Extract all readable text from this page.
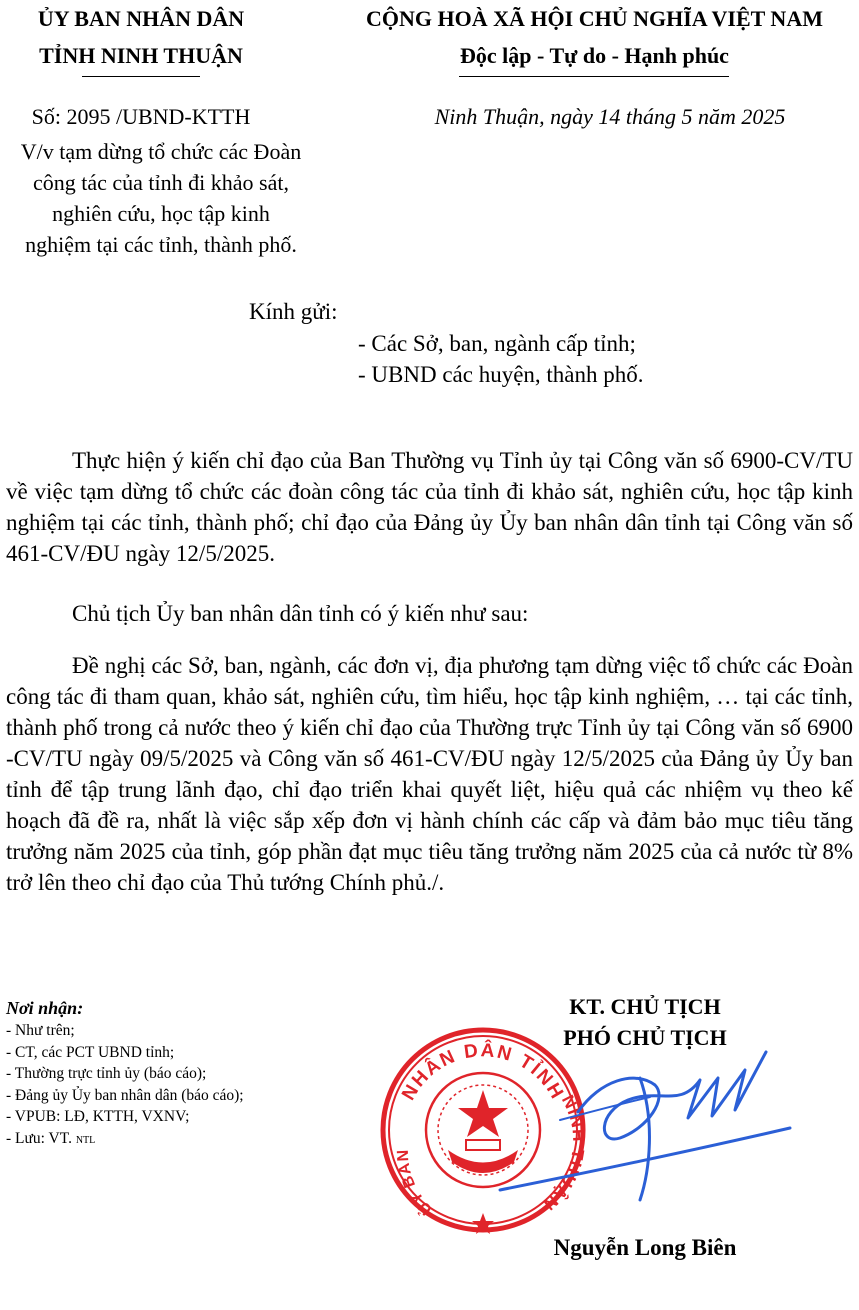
ỦY BAN NHÂN DÂN
TỈNH NINH THUẬN
CỘNG HOÀ XÃ HỘI CHỦ NGHĨA VIỆT NAM
Độc lập - Tự do - Hạnh phúc
Số: 2095 /UBND-KTTH	Ninh Thuận, ngày 14 tháng 5 năm 2025
V/v tạm dừng tổ chức các Đoàn
công tác của tỉnh đi khảo sát,
nghiên cứu, học tập kinh
nghiệm tại các tỉnh, thành phố.
Kính gửi:
- Các Sở, ban, ngành cấp tỉnh;
- UBND các huyện, thành phố.
Thực hiện ý kiến chỉ đạo của Ban Thường vụ Tỉnh ủy tại Công văn số 6900-CV/TU về việc tạm dừng tổ chức các đoàn công tác của tỉnh đi khảo sát, nghiên cứu, học tập kinh nghiệm tại các tỉnh, thành phố; chỉ đạo của Đảng ủy Ủy ban nhân dân tỉnh tại Công văn số 461-CV/ĐU ngày 12/5/2025.
Chủ tịch Ủy ban nhân dân tỉnh có ý kiến như sau:
Đề nghị các Sở, ban, ngành, các đơn vị, địa phương tạm dừng việc tổ chức các Đoàn công tác đi tham quan, khảo sát, nghiên cứu, tìm hiểu, học tập kinh nghiệm, … tại các tỉnh, thành phố trong cả nước theo ý kiến chỉ đạo của Thường trực Tỉnh ủy tại Công văn số 6900 -CV/TU ngày 09/5/2025 và Công văn số 461-CV/ĐU ngày 12/5/2025 của Đảng ủy Ủy ban tỉnh để tập trung lãnh đạo, chỉ đạo triển khai quyết liệt, hiệu quả các nhiệm vụ theo kế hoạch đã đề ra, nhất là việc sắp xếp đơn vị hành chính các cấp và đảm bảo mục tiêu tăng trưởng năm 2025 của tỉnh, góp phần đạt mục tiêu tăng trưởng năm 2025 của cả nước từ 8% trở lên theo chỉ đạo của Thủ tướng Chính phủ./.
Nơi nhận:
- Như trên;
- CT, các PCT UBND tỉnh;
- Thường trực tỉnh ủy (báo cáo);
- Đảng ủy Ủy ban nhân dân (báo cáo);
- VPUB: LĐ, KTTH, VXNV;
- Lưu: VT. NTL
KT. CHỦ TỊCH
PHÓ CHỦ TỊCH
NHÂN DÂN TỈNH
NINH THUẬN
ỦY BAN
Nguyễn Long Biên
